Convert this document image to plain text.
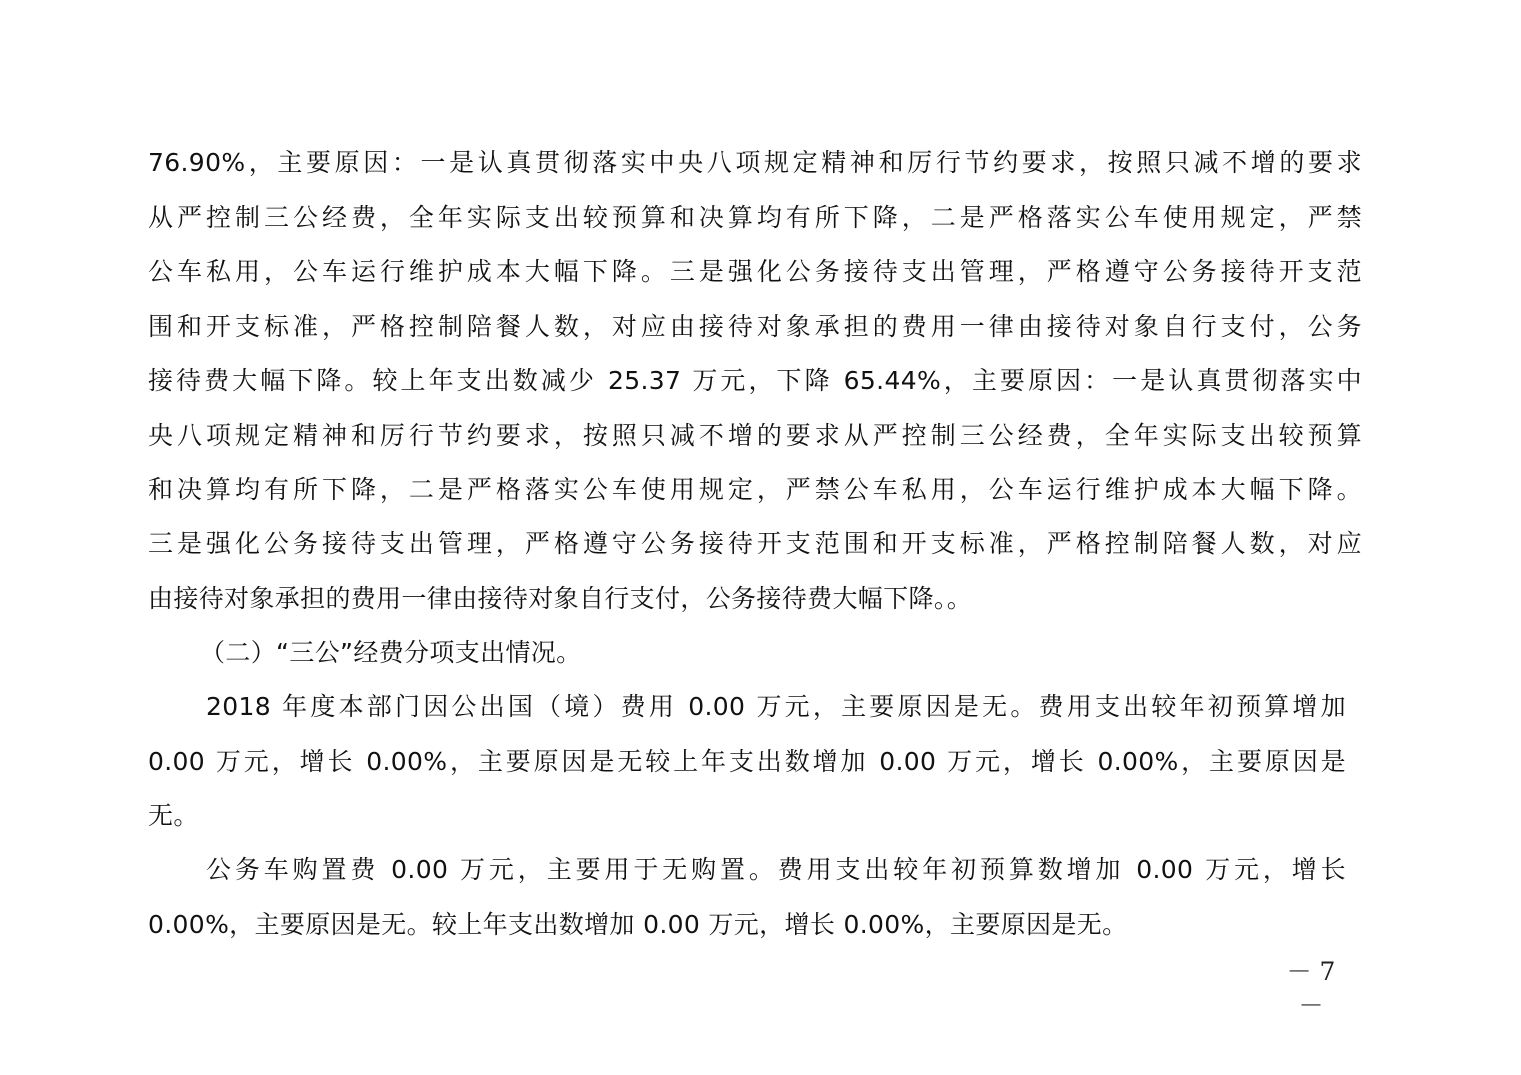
76.90%，主要原因：一是认真贯彻落实中央八项规定精神和厉行节约要求，按照只减不增的要求
从严控制三公经费，全年实际支出较预算和决算均有所下降，二是严格落实公车使用规定，严禁
公车私用，公车运行维护成本大幅下降。三是强化公务接待支出管理，严格遵守公务接待开支范
围和开支标准，严格控制陪餐人数，对应由接待对象承担的费用一律由接待对象自行支付，公务
接待费大幅下降。较上年支出数减少 25.37 万元，下降 65.44%，主要原因：一是认真贯彻落实中
央八项规定精神和厉行节约要求，按照只减不增的要求从严控制三公经费，全年实际支出较预算
和决算均有所下降，二是严格落实公车使用规定，严禁公车私用，公车运行维护成本大幅下降。
三是强化公务接待支出管理，严格遵守公务接待开支范围和开支标准，严格控制陪餐人数，对应
由接待对象承担的费用一律由接待对象自行支付，公务接待费大幅下降。。
（二）“三公”经费分项支出情况。
2018 年度本部门因公出国（境）费用 0.00 万元，主要原因是无。费用支出较年初预算增加
0.00 万元，增长 0.00%，主要原因是无较上年支出数增加 0.00 万元，增长 0.00%，主要原因是
无。
公务车购置费 0.00 万元，主要用于无购置。费用支出较年初预算数增加 0.00 万元，增长
0.00%，主要原因是无。较上年支出数增加 0.00 万元，增长 0.00%，主要原因是无。
－ 7 －
